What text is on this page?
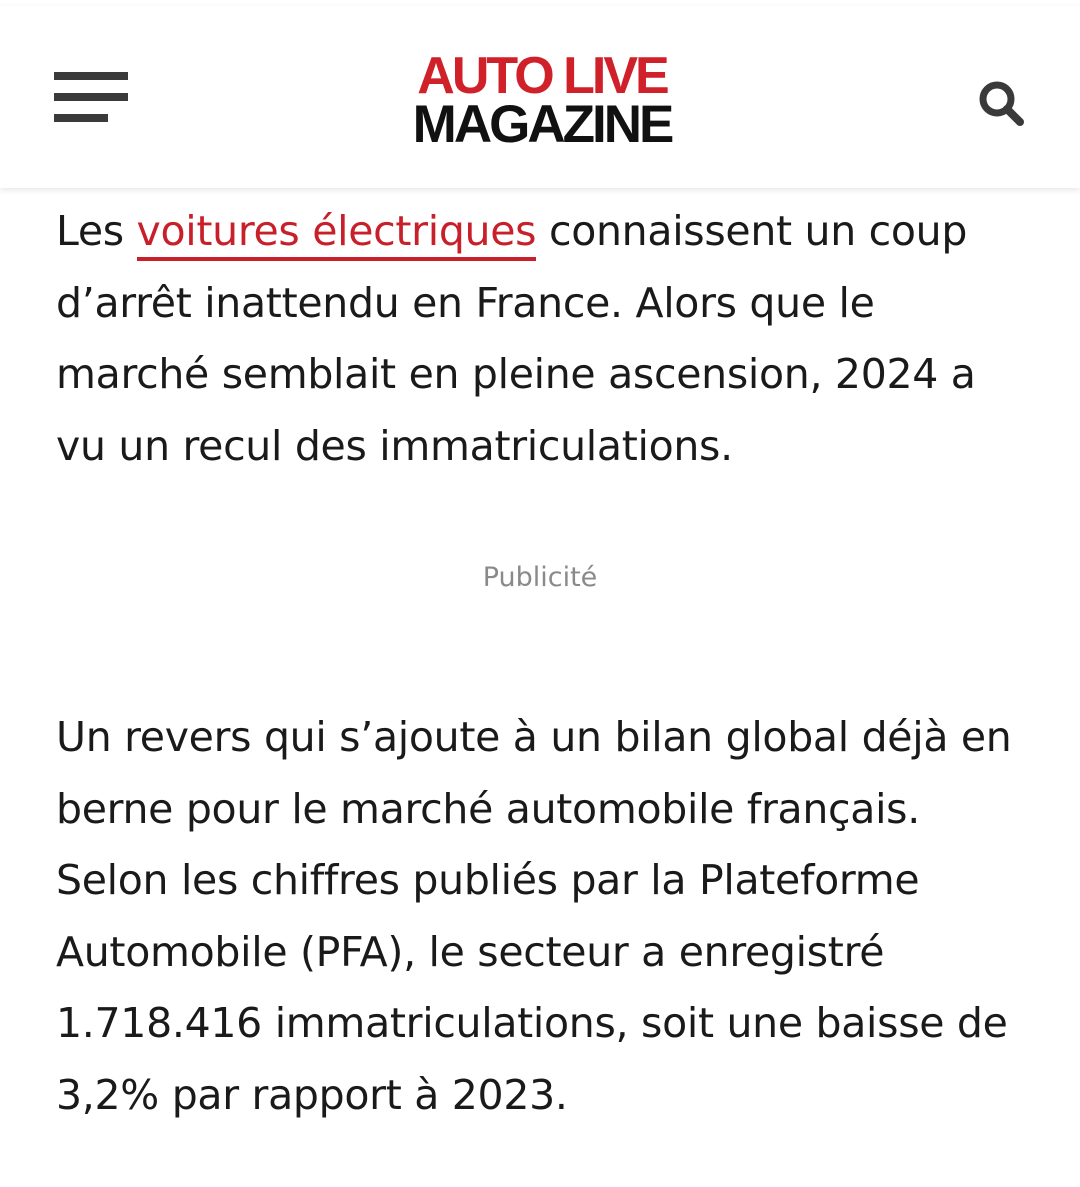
AUTO LIVE
MAGAZINE

Les voitures électriques connaissent un coup d’arrêt inattendu en France. Alors que le marché semblait en pleine ascension, 2024 a vu un recul des immatriculations.

Publicité

Un revers qui s’ajoute à un bilan global déjà en berne pour le marché automobile français. Selon les chiffres publiés par la Plateforme Automobile (PFA), le secteur a enregistré 1.718.416 immatriculations, soit une baisse de 3,2% par rapport à 2023.
